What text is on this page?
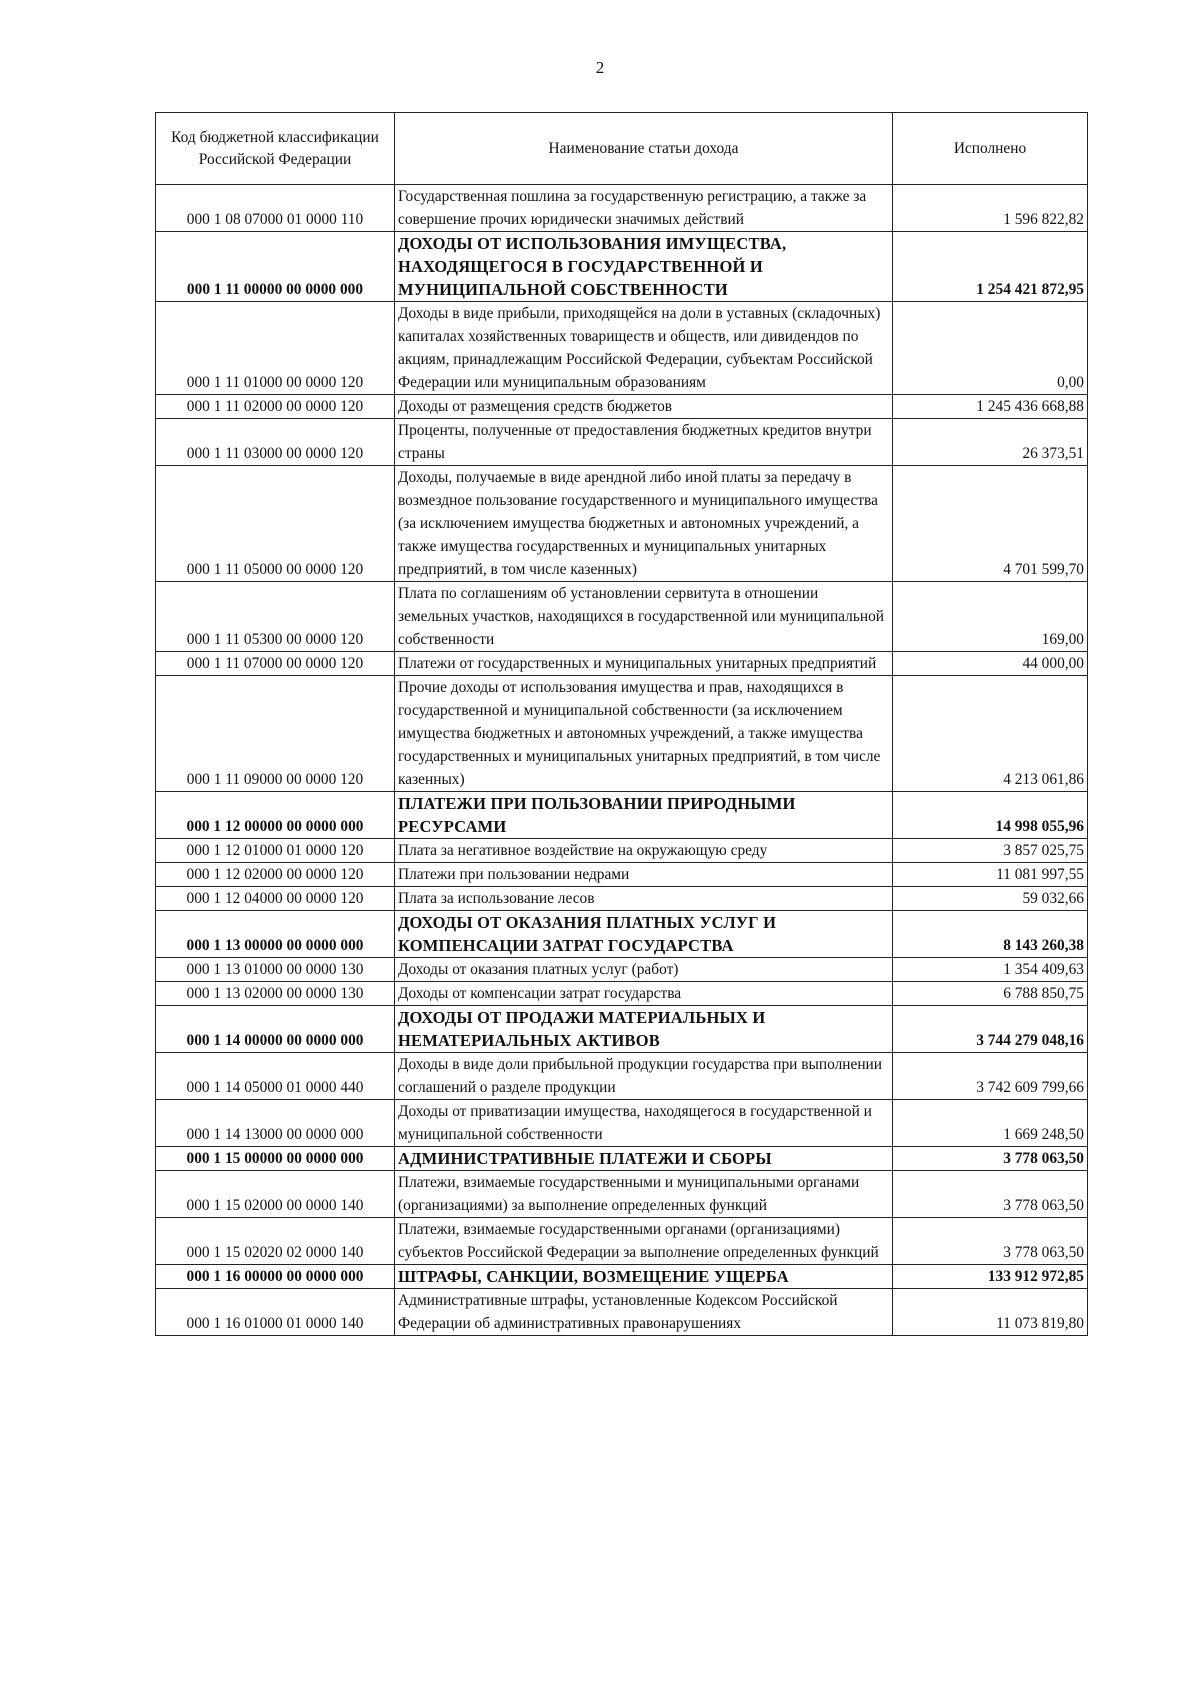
2
Код бюджетной классификации Российской Федерации	Наименование статьи дохода	Исполнено
000 1 08 07000 01 0000 110	Государственная пошлина за государственную регистрацию, а также за совершение прочих юридически значимых действий	1 596 822,82
000 1 11 00000 00 0000 000	ДОХОДЫ ОТ ИСПОЛЬЗОВАНИЯ ИМУЩЕСТВА, НАХОДЯЩЕГОСЯ В ГОСУДАРСТВЕННОЙ И МУНИЦИПАЛЬНОЙ СОБСТВЕННОСТИ	1 254 421 872,95
000 1 11 01000 00 0000 120	Доходы в виде прибыли, приходящейся на доли в уставных (складочных) капиталах хозяйственных товариществ и обществ, или дивидендов по акциям, принадлежащим Российской Федерации, субъектам Российской Федерации или муниципальным образованиям	0,00
000 1 11 02000 00 0000 120	Доходы от размещения средств бюджетов	1 245 436 668,88
000 1 11 03000 00 0000 120	Проценты, полученные от предоставления бюджетных кредитов внутри страны	26 373,51
000 1 11 05000 00 0000 120	Доходы, получаемые в виде арендной либо иной платы за передачу в возмездное пользование государственного и муниципального имущества (за исключением имущества бюджетных и автономных учреждений, а также имущества государственных и муниципальных унитарных предприятий, в том числе казенных)	4 701 599,70
000 1 11 05300 00 0000 120	Плата по соглашениям об установлении сервитута в отношении земельных участков, находящихся в государственной или муниципальной собственности	169,00
000 1 11 07000 00 0000 120	Платежи от государственных и муниципальных унитарных предприятий	44 000,00
000 1 11 09000 00 0000 120	Прочие доходы от использования имущества и прав, находящихся в государственной и муниципальной собственности (за исключением имущества бюджетных и автономных учреждений, а также имущества государственных и муниципальных унитарных предприятий, в том числе казенных)	4 213 061,86
000 1 12 00000 00 0000 000	ПЛАТЕЖИ ПРИ ПОЛЬЗОВАНИИ ПРИРОДНЫМИ РЕСУРСАМИ	14 998 055,96
000 1 12 01000 01 0000 120	Плата за негативное воздействие на окружающую среду	3 857 025,75
000 1 12 02000 00 0000 120	Платежи при пользовании недрами	11 081 997,55
000 1 12 04000 00 0000 120	Плата за использование лесов	59 032,66
000 1 13 00000 00 0000 000	ДОХОДЫ ОТ ОКАЗАНИЯ ПЛАТНЫХ УСЛУГ И КОМПЕНСАЦИИ ЗАТРАТ ГОСУДАРСТВА	8 143 260,38
000 1 13 01000 00 0000 130	Доходы от оказания платных услуг (работ)	1 354 409,63
000 1 13 02000 00 0000 130	Доходы от компенсации затрат государства	6 788 850,75
000 1 14 00000 00 0000 000	ДОХОДЫ ОТ ПРОДАЖИ МАТЕРИАЛЬНЫХ И НЕМАТЕРИАЛЬНЫХ АКТИВОВ	3 744 279 048,16
000 1 14 05000 01 0000 440	Доходы в виде доли прибыльной продукции государства при выполнении соглашений о разделе продукции	3 742 609 799,66
000 1 14 13000 00 0000 000	Доходы от приватизации имущества, находящегося в государственной и муниципальной собственности	1 669 248,50
000 1 15 00000 00 0000 000	АДМИНИСТРАТИВНЫЕ ПЛАТЕЖИ И СБОРЫ	3 778 063,50
000 1 15 02000 00 0000 140	Платежи, взимаемые государственными и муниципальными органами (организациями) за выполнение определенных функций	3 778 063,50
000 1 15 02020 02 0000 140	Платежи, взимаемые государственными органами (организациями) субъектов Российской Федерации за выполнение определенных функций	3 778 063,50
000 1 16 00000 00 0000 000	ШТРАФЫ, САНКЦИИ, ВОЗМЕЩЕНИЕ УЩЕРБА	133 912 972,85
000 1 16 01000 01 0000 140	Административные штрафы, установленные Кодексом Российской Федерации об административных правонарушениях	11 073 819,80
